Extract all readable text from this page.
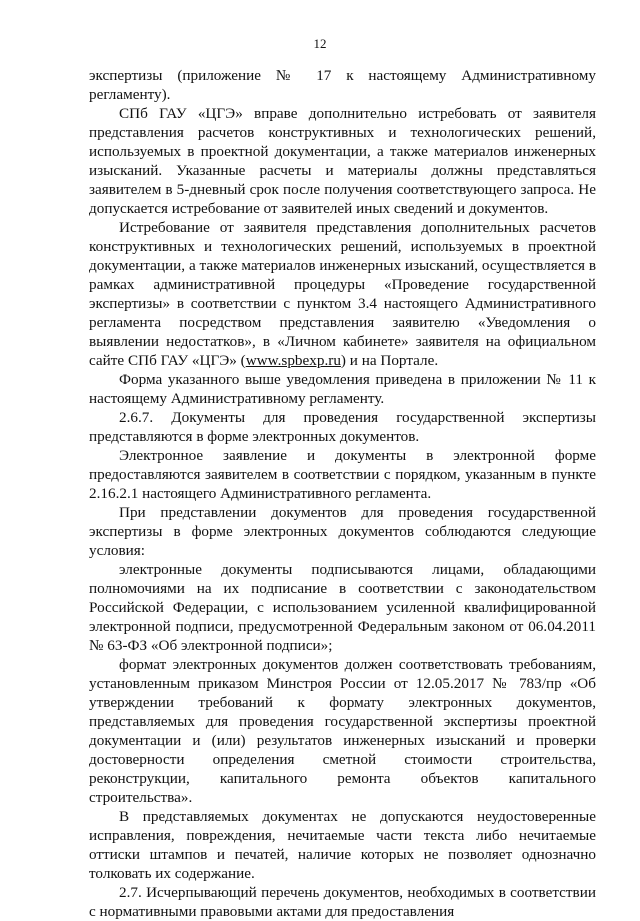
12

экспертизы (приложение № 17 к настоящему Административному регламенту).

СПб ГАУ «ЦГЭ» вправе дополнительно истребовать от заявителя представления расчетов конструктивных и технологических решений, используемых в проектной документации, а также материалов инженерных изысканий. Указанные расчеты и материалы должны представляться заявителем в 5-дневный срок после получения соответствующего запроса. Не допускается истребование от заявителей иных сведений и документов.

Истребование от заявителя представления дополнительных расчетов конструктивных и технологических решений, используемых в проектной документации, а также материалов инженерных изысканий, осуществляется в рамках административной процедуры «Проведение государственной экспертизы» в соответствии с пунктом 3.4 настоящего Административного регламента посредством представления заявителю «Уведомления о выявлении недостатков», в «Личном кабинете» заявителя на официальном сайте СПб ГАУ «ЦГЭ» (www.spbexp.ru) и на Портале.

Форма указанного выше уведомления приведена в приложении № 11 к настоящему Административному регламенту.

2.6.7. Документы для проведения государственной экспертизы представляются в форме электронных документов.

Электронное заявление и документы в электронной форме предоставляются заявителем в соответствии с порядком, указанным в пункте 2.16.2.1 настоящего Административного регламента.

При представлении документов для проведения государственной экспертизы в форме электронных документов соблюдаются следующие условия:

электронные документы подписываются лицами, обладающими полномочиями на их подписание в соответствии с законодательством Российской Федерации, с использованием усиленной квалифицированной электронной подписи, предусмотренной Федеральным законом от 06.04.2011 № 63-ФЗ «Об электронной подписи»;

формат электронных документов должен соответствовать требованиям, установленным приказом Минстроя России от 12.05.2017 № 783/пр «Об утверждении требований к формату электронных документов, представляемых для проведения государственной экспертизы проектной документации и (или) результатов инженерных изысканий и проверки достоверности определения сметной стоимости строительства, реконструкции, капитального ремонта объектов капитального строительства».

В представляемых документах не допускаются неудостоверенные исправления, повреждения, нечитаемые части текста либо нечитаемые оттиски штампов и печатей, наличие которых не позволяет однозначно толковать их содержание.

2.7. Исчерпывающий перечень документов, необходимых в соответствии с нормативными правовыми актами для предоставления
